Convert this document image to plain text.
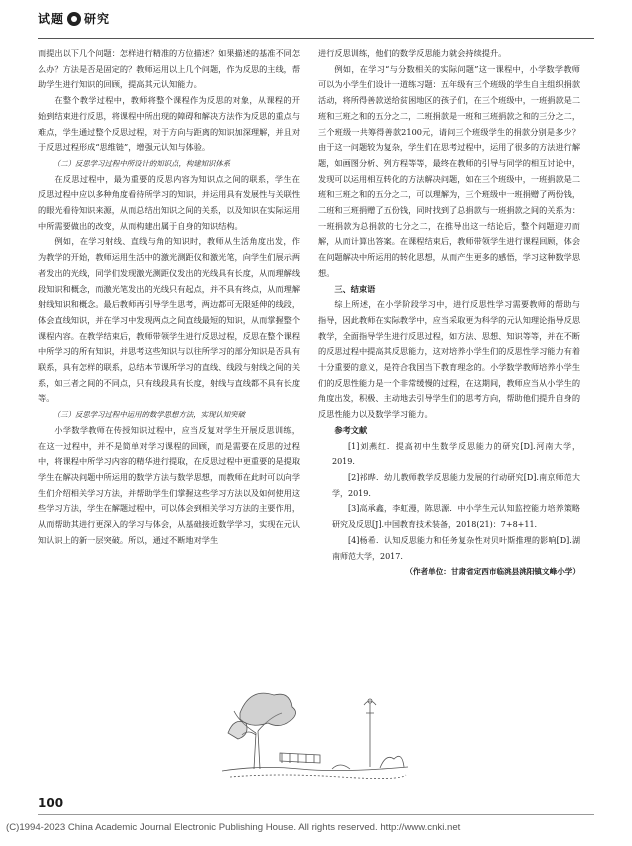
试题 研究

而提出以下几个问题：怎样进行精准的方位描述？如果描述的基准不同怎么办？方法是否是固定的？教师运用以上几个问题，作为反思的主线，帮助学生进行知识的回顾，提高其元认知能力。

在整个教学过程中，教师将整个课程作为反思的对象，从课程的开始到结束进行反思，将课程中所出现的障碍和解决方法作为反思的重点与难点，学生通过整个反思过程，对于方向与距离的知识加深理解，并且对于反思过程形成“思维链”，增强元认知与体验。

（二）反思学习过程中所设计的知识点，构建知识体系

在反思过程中，最为重要的反思内容为知识点之间的联系，学生在反思过程中应以多种角度看待所学习的知识，并运用具有发展性与关联性的眼光看待知识来源，从而总结出知识之间的关系，以及知识在实际运用中所需要做出的改变，从而构建出属于自身的知识结构。

例如，在学习射线、直线与角的知识时，教师从生活角度出发，作为教学的开始，教师运用生活中的激光测距仪和激光笔，向学生们展示两者发出的光线，同学们发现激光测距仪发出的光线具有长度，从而理解线段知识和概念，而激光笔发出的光线只有起点，并不具有终点，从而理解射线知识和概念。最后教师再引导学生思考，两边都可无限延伸的线段，体会直线知识，并在学习中发现两点之间直线最短的知识，从而掌握整个课程内容。在教学结束后，教师带领学生进行反思过程，反思在整个课程中所学习的所有知识，并思考这些知识与以往所学习的部分知识是否具有联系，具有怎样的联系，总结本节课所学习的直线、线段与射线之间的关系，如三者之间的不同点，只有线段具有长度，射线与直线都不具有长度等。

（三）反思学习过程中运用的数学思想方法，实现认知突破

小学数学教师在传授知识过程中，应当反复对学生开展反思训练，在这一过程中，并不是简单对学习课程的回顾，而是需要在反思的过程中，将课程中所学习内容的精华进行提取，在反思过程中更重要的是提取学生在解决问题中所运用的数学方法与数学思想，而教师在此时可以向学生们介绍相关学习方法，并帮助学生们掌握这些学习方法以及如何使用这些学习方法，学生在解题过程中，可以体会到相关学习方法的主要作用，从而帮助其进行更深入的学习与体会，从基础接近数学学习，实现在元认知认识上的新一层突破。所以，通过不断地对学生

进行反思训练，他们的数学反思能力就会持续提升。

例如，在学习“与分数相关的实际问题”这一课程中，小学数学教师可以为小学生们设计一道练习题：五年级有三个班级的学生自主组织捐款活动，将所得善款送给贫困地区的孩子们，在三个班级中，一班捐款是二班和三班之和的五分之二，二班捐款是一班和三班捐款之和的三分之二，三个班级一共筹得善款2100元，请问三个班级学生的捐款分别是多少？由于这一问题较为复杂，学生们在思考过程中，运用了很多的方法进行解题，如画图分析、列方程等等，最终在教师的引导与同学的相互讨论中，发现可以运用相互转化的方法解决问题，如在三个班级中，一班捐款是二班和三班之和的五分之二，可以理解为，三个班级中一班捐赠了两份钱，二班和三班捐赠了五份钱，同时找到了总捐款与一班捐款之间的关系为：一班捐款为总捐款的七分之二，在推导出这一结论后，整个问题迎刃而解，从而计算出答案。在课程结束后，教师带领学生进行课程回顾，体会在问题解决中所运用的转化思想，从而产生更多的感悟，学习这种数学思想。

三、结束语

综上所述，在小学阶段学习中，进行反思性学习需要教师的帮助与指导，因此教师在实际教学中，应当采取更为科学的元认知理论指导反思教学，全面指导学生进行反思过程，如方法、思想、知识等等，并在不断的反思过程中提高其反思能力，这对培养小学生们的反思性学习能力有着十分重要的意义，是符合我国当下教育理念的。小学数学教师培养小学生们的反思性能力是一个非常缓慢的过程，在这期间，教师应当从小学生的角度出发，积极、主动地去引导学生们的思考方向，帮助他们提升自身的反思性能力以及数学学习能力。

参考文献

[1]刘燕红．提高初中生数学反思能力的研究[D].河南大学，2019.

[2]祁晔．幼儿教师教学反思能力发展的行动研究[D].南京师范大学，2019.

[3]高承鑫，李虹漫，陈思源．中小学生元认知监控能力培养策略研究及反思[J].中国教育技术装备，2018(21)：7+8+11.

[4]杨希．认知反思能力和任务复杂性对贝叶斯推理的影响[D].湖南师范大学，2017.

（作者单位：甘肃省定西市临洮县洮阳镇文峰小学）

100
(C)1994-2023 China Academic Journal Electronic Publishing House. All rights reserved. http://www.cnki.net
